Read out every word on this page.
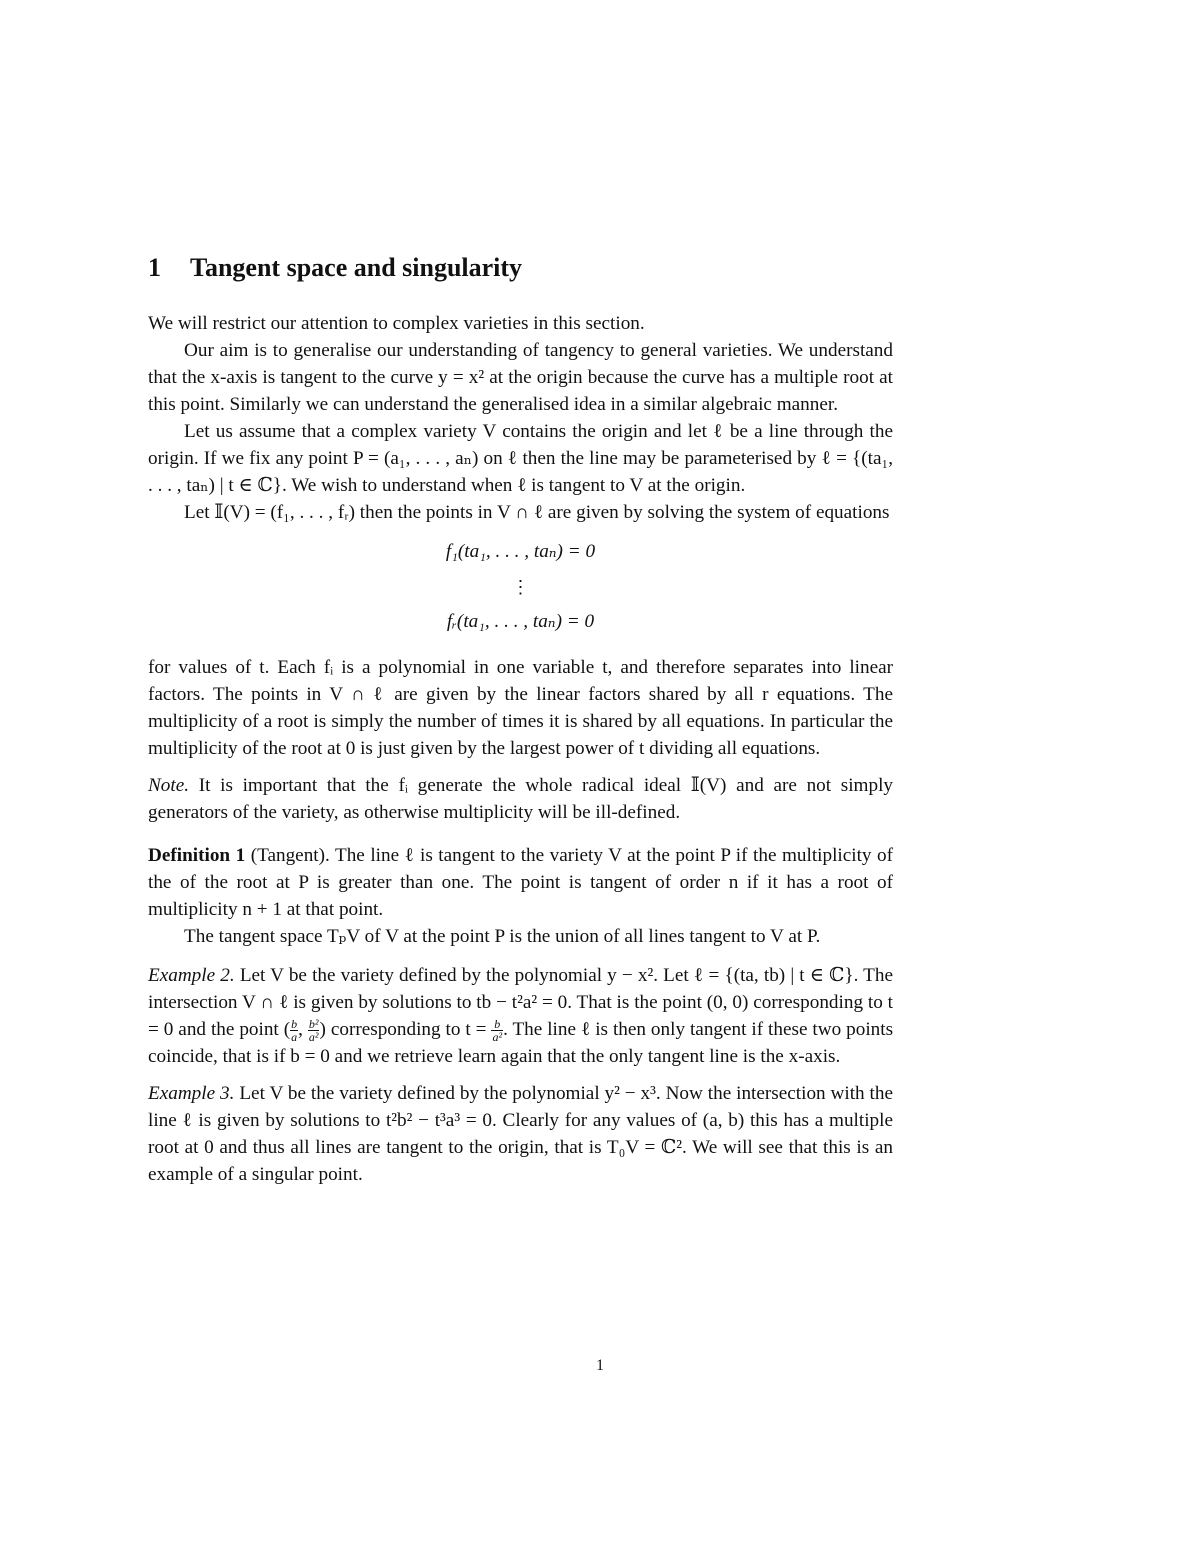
1 Tangent space and singularity

We will restrict our attention to complex varieties in this section.

Our aim is to generalise our understanding of tangency to general varieties. We understand that the x-axis is tangent to the curve y = x² at the origin because the curve has a multiple root at this point. Similarly we can understand the generalised idea in a similar algebraic manner.

Let us assume that a complex variety V contains the origin and let ℓ be a line through the origin. If we fix any point P = (a₁, . . . , aₙ) on ℓ then the line may be parameterised by ℓ = {(ta₁, . . . , taₙ) | t ∈ ℂ}. We wish to understand when ℓ is tangent to V at the origin.

Let 𝕀(V) = (f₁, . . . , fᵣ) then the points in V ∩ ℓ are given by solving the system of equations

f₁(ta₁, . . . , taₙ) = 0
⋮
fᵣ(ta₁, . . . , taₙ) = 0

for values of t. Each fᵢ is a polynomial in one variable t, and therefore separates into linear factors. The points in V ∩ ℓ are given by the linear factors shared by all r equations. The multiplicity of a root is simply the number of times it is shared by all equations. In particular the multiplicity of the root at 0 is just given by the largest power of t dividing all equations.

Note. It is important that the fᵢ generate the whole radical ideal 𝕀(V) and are not simply generators of the variety, as otherwise multiplicity will be ill-defined.

Definition 1 (Tangent). The line ℓ is tangent to the variety V at the point P if the multiplicity of the of the root at P is greater than one. The point is tangent of order n if it has a root of multiplicity n + 1 at that point.

The tangent space TₚV of V at the point P is the union of all lines tangent to V at P.

Example 2. Let V be the variety defined by the polynomial y − x². Let ℓ = {(ta, tb) | t ∈ ℂ}. The intersection V ∩ ℓ is given by solutions to tb − t²a² = 0. That is the point (0, 0) corresponding to t = 0 and the point ( $\frac{b}{a}$ , $\frac{\text{b²}}{\text{a²}}$ ) corresponding to $t = \frac{b}{\text{a²}}$ . The line ℓ is then only tangent if these two points coincide, that is if b = 0 and we retrieve learn again that the only tangent line is the x-axis.

Example 3. Let V be the variety defined by the polynomial y² − x³. Now the intersection with the line ℓ is given by solutions to t²b² − t³a³ = 0. Clearly for any values of (a, b) this has a multiple root at 0 and thus all lines are tangent to the origin, that is T₀V = ℂ². We will see that this is an example of a singular point.

1
